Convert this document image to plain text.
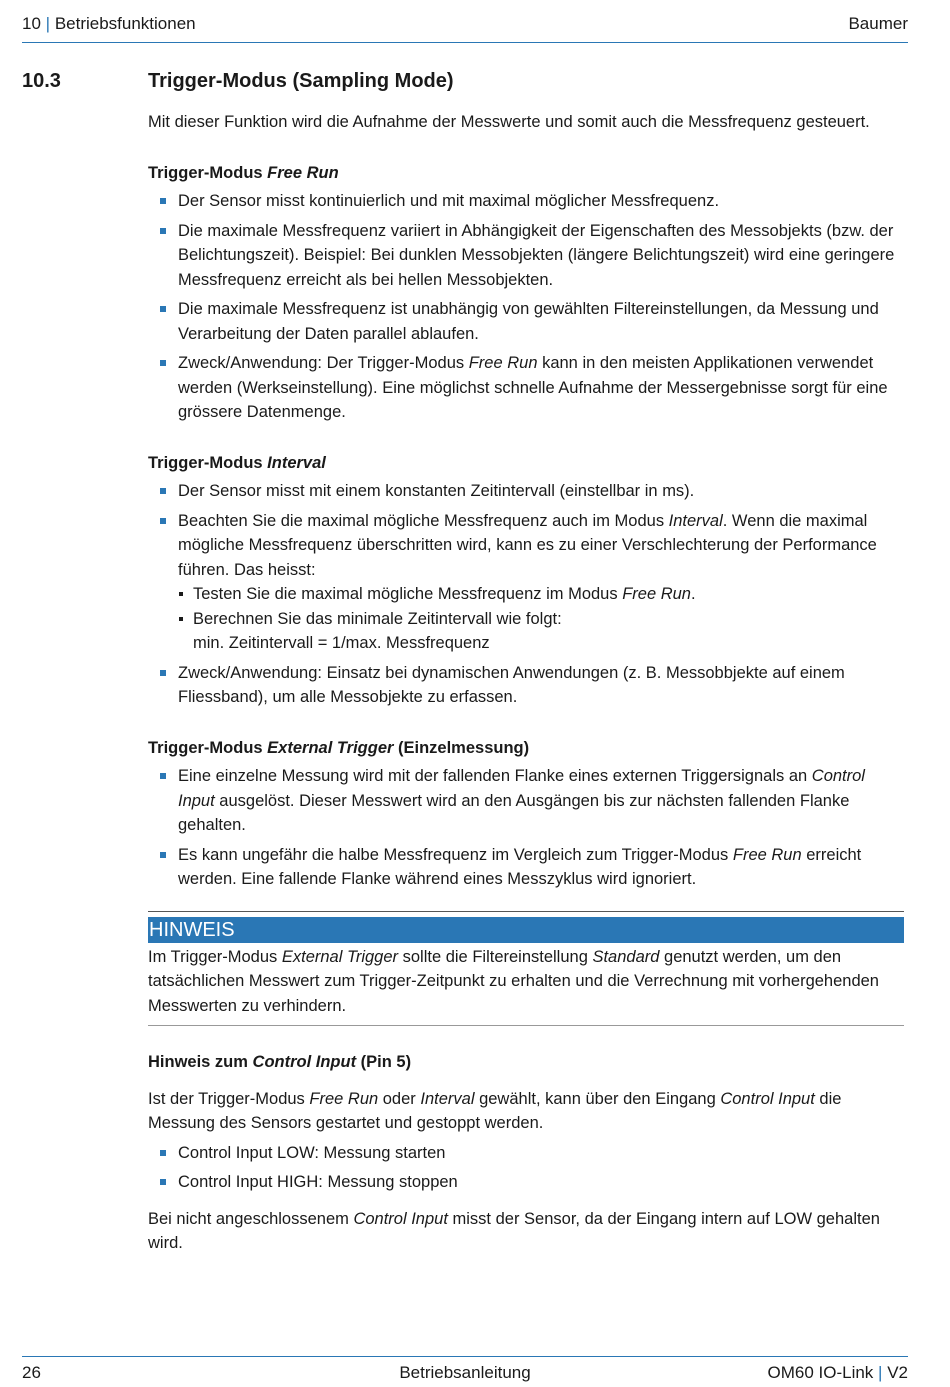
10 | Betriebsfunktionen	Baumer
10.3	Trigger-Modus (Sampling Mode)

Mit dieser Funktion wird die Aufnahme der Messwerte und somit auch die Messfrequenz gesteuert.

Trigger-Modus Free Run

Der Sensor misst kontinuierlich und mit maximal möglicher Messfrequenz.
Die maximale Messfrequenz variiert in Abhängigkeit der Eigenschaften des Messobjekts (bzw. der Belichtungszeit). Beispiel: Bei dunklen Messobjekten (längere Belichtungszeit) wird eine geringere Messfrequenz erreicht als bei hellen Messobjekten.
Die maximale Messfrequenz ist unabhängig von gewählten Filtereinstellungen, da Messung und Verarbeitung der Daten parallel ablaufen.
Zweck/Anwendung: Der Trigger-Modus Free Run kann in den meisten Applikationen verwendet werden (Werkseinstellung). Eine möglichst schnelle Aufnahme der Messergebnisse sorgt für eine grössere Datenmenge.

Trigger-Modus Interval

Der Sensor misst mit einem konstanten Zeitintervall (einstellbar in ms).
Beachten Sie die maximal mögliche Messfrequenz auch im Modus Interval. Wenn die maximal mögliche Messfrequenz überschritten wird, kann es zu einer Verschlechterung der Performance führen. Das heisst:
Testen Sie die maximal mögliche Messfrequenz im Modus Free Run.
Berechnen Sie das minimale Zeitintervall wie folgt:
min. Zeitintervall = 1/max. Messfrequenz
Zweck/Anwendung: Einsatz bei dynamischen Anwendungen (z. B. Messobbjekte auf einem Fliessband), um alle Messobjekte zu erfassen.

Trigger-Modus External Trigger (Einzelmessung)

Eine einzelne Messung wird mit der fallenden Flanke eines externen Triggersignals an Control Input ausgelöst. Dieser Messwert wird an den Ausgängen bis zur nächsten fallenden Flanke gehalten.
Es kann ungefähr die halbe Messfrequenz im Vergleich zum Trigger-Modus Free Run erreicht werden. Eine fallende Flanke während eines Messzyklus wird ignoriert.
HINWEIS

Im Trigger-Modus External Trigger sollte die Filtereinstellung Standard genutzt werden, um den tatsächlichen Messwert zum Trigger-Zeitpunkt zu erhalten und die Verrechnung mit vorhergehenden Messwerten zu verhindern.

Hinweis zum Control Input (Pin 5)

Ist der Trigger-Modus Free Run oder Interval gewählt, kann über den Eingang Control Input die Messung des Sensors gestartet und gestoppt werden.

Control Input LOW: Messung starten
Control Input HIGH: Messung stoppen

Bei nicht angeschlossenem Control Input misst der Sensor, da der Eingang intern auf LOW gehalten wird.

26	Betriebsanleitung	OM60 IO-Link | V2
